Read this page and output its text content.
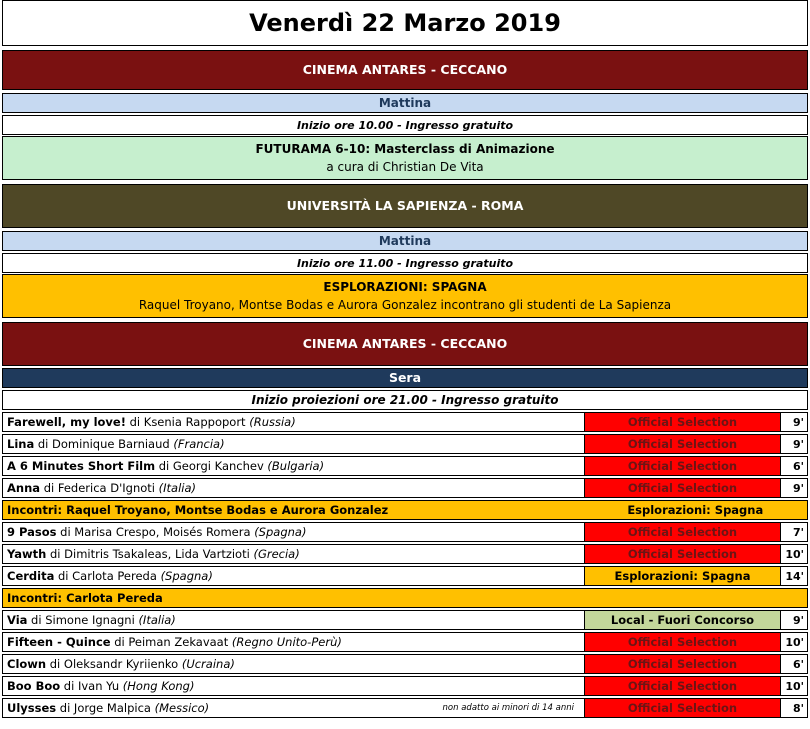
Venerdì 22 Marzo 2019
CINEMA ANTARES - CECCANO
Mattina
Inizio ore 10.00 - Ingresso gratuito
FUTURAMA 6-10: Masterclass di Animazione
a cura di Christian De Vita
UNIVERSITÀ LA SAPIENZA - ROMA
Mattina
Inizio ore 11.00 - Ingresso gratuito
ESPLORAZIONI: SPAGNA
Raquel Troyano, Montse Bodas e Aurora Gonzalez incontrano gli studenti de La Sapienza
CINEMA ANTARES - CECCANO
Sera
Inizio proiezioni ore 21.00 - Ingresso gratuito
Farewell, my love! di Ksenia Rappoport (Russia)	Official Selection	9'
Lina di Dominique Barniaud (Francia)	Official Selection	9'
A 6 Minutes Short Film di Georgi Kanchev (Bulgaria)	Official Selection	6'
Anna di Federica D'Ignoti (Italia)	Official Selection	9'
Incontri: Raquel Troyano, Montse Bodas e Aurora Gonzalez	Esplorazioni: Spagna
9 Pasos di Marisa Crespo, Moisés Romera (Spagna)	Official Selection	7'
Yawth di Dimitris Tsakaleas, Lida Vartzioti (Grecia)	Official Selection	10'
Cerdita di Carlota Pereda (Spagna)	Esplorazioni: Spagna	14'
Incontri: Carlota Pereda
Via di Simone Ignagni (Italia)	Local - Fuori Concorso	9'
Fifteen - Quince di Peiman Zekavaat (Regno Unito-Perù)	Official Selection	10'
Clown di Oleksandr Kyriienko (Ucraina)	Official Selection	6'
Boo Boo di Ivan Yu (Hong Kong)	Official Selection	10'
Ulysses di Jorge Malpica (Messico)	non adatto ai minori di 14 anni	Official Selection	8'
